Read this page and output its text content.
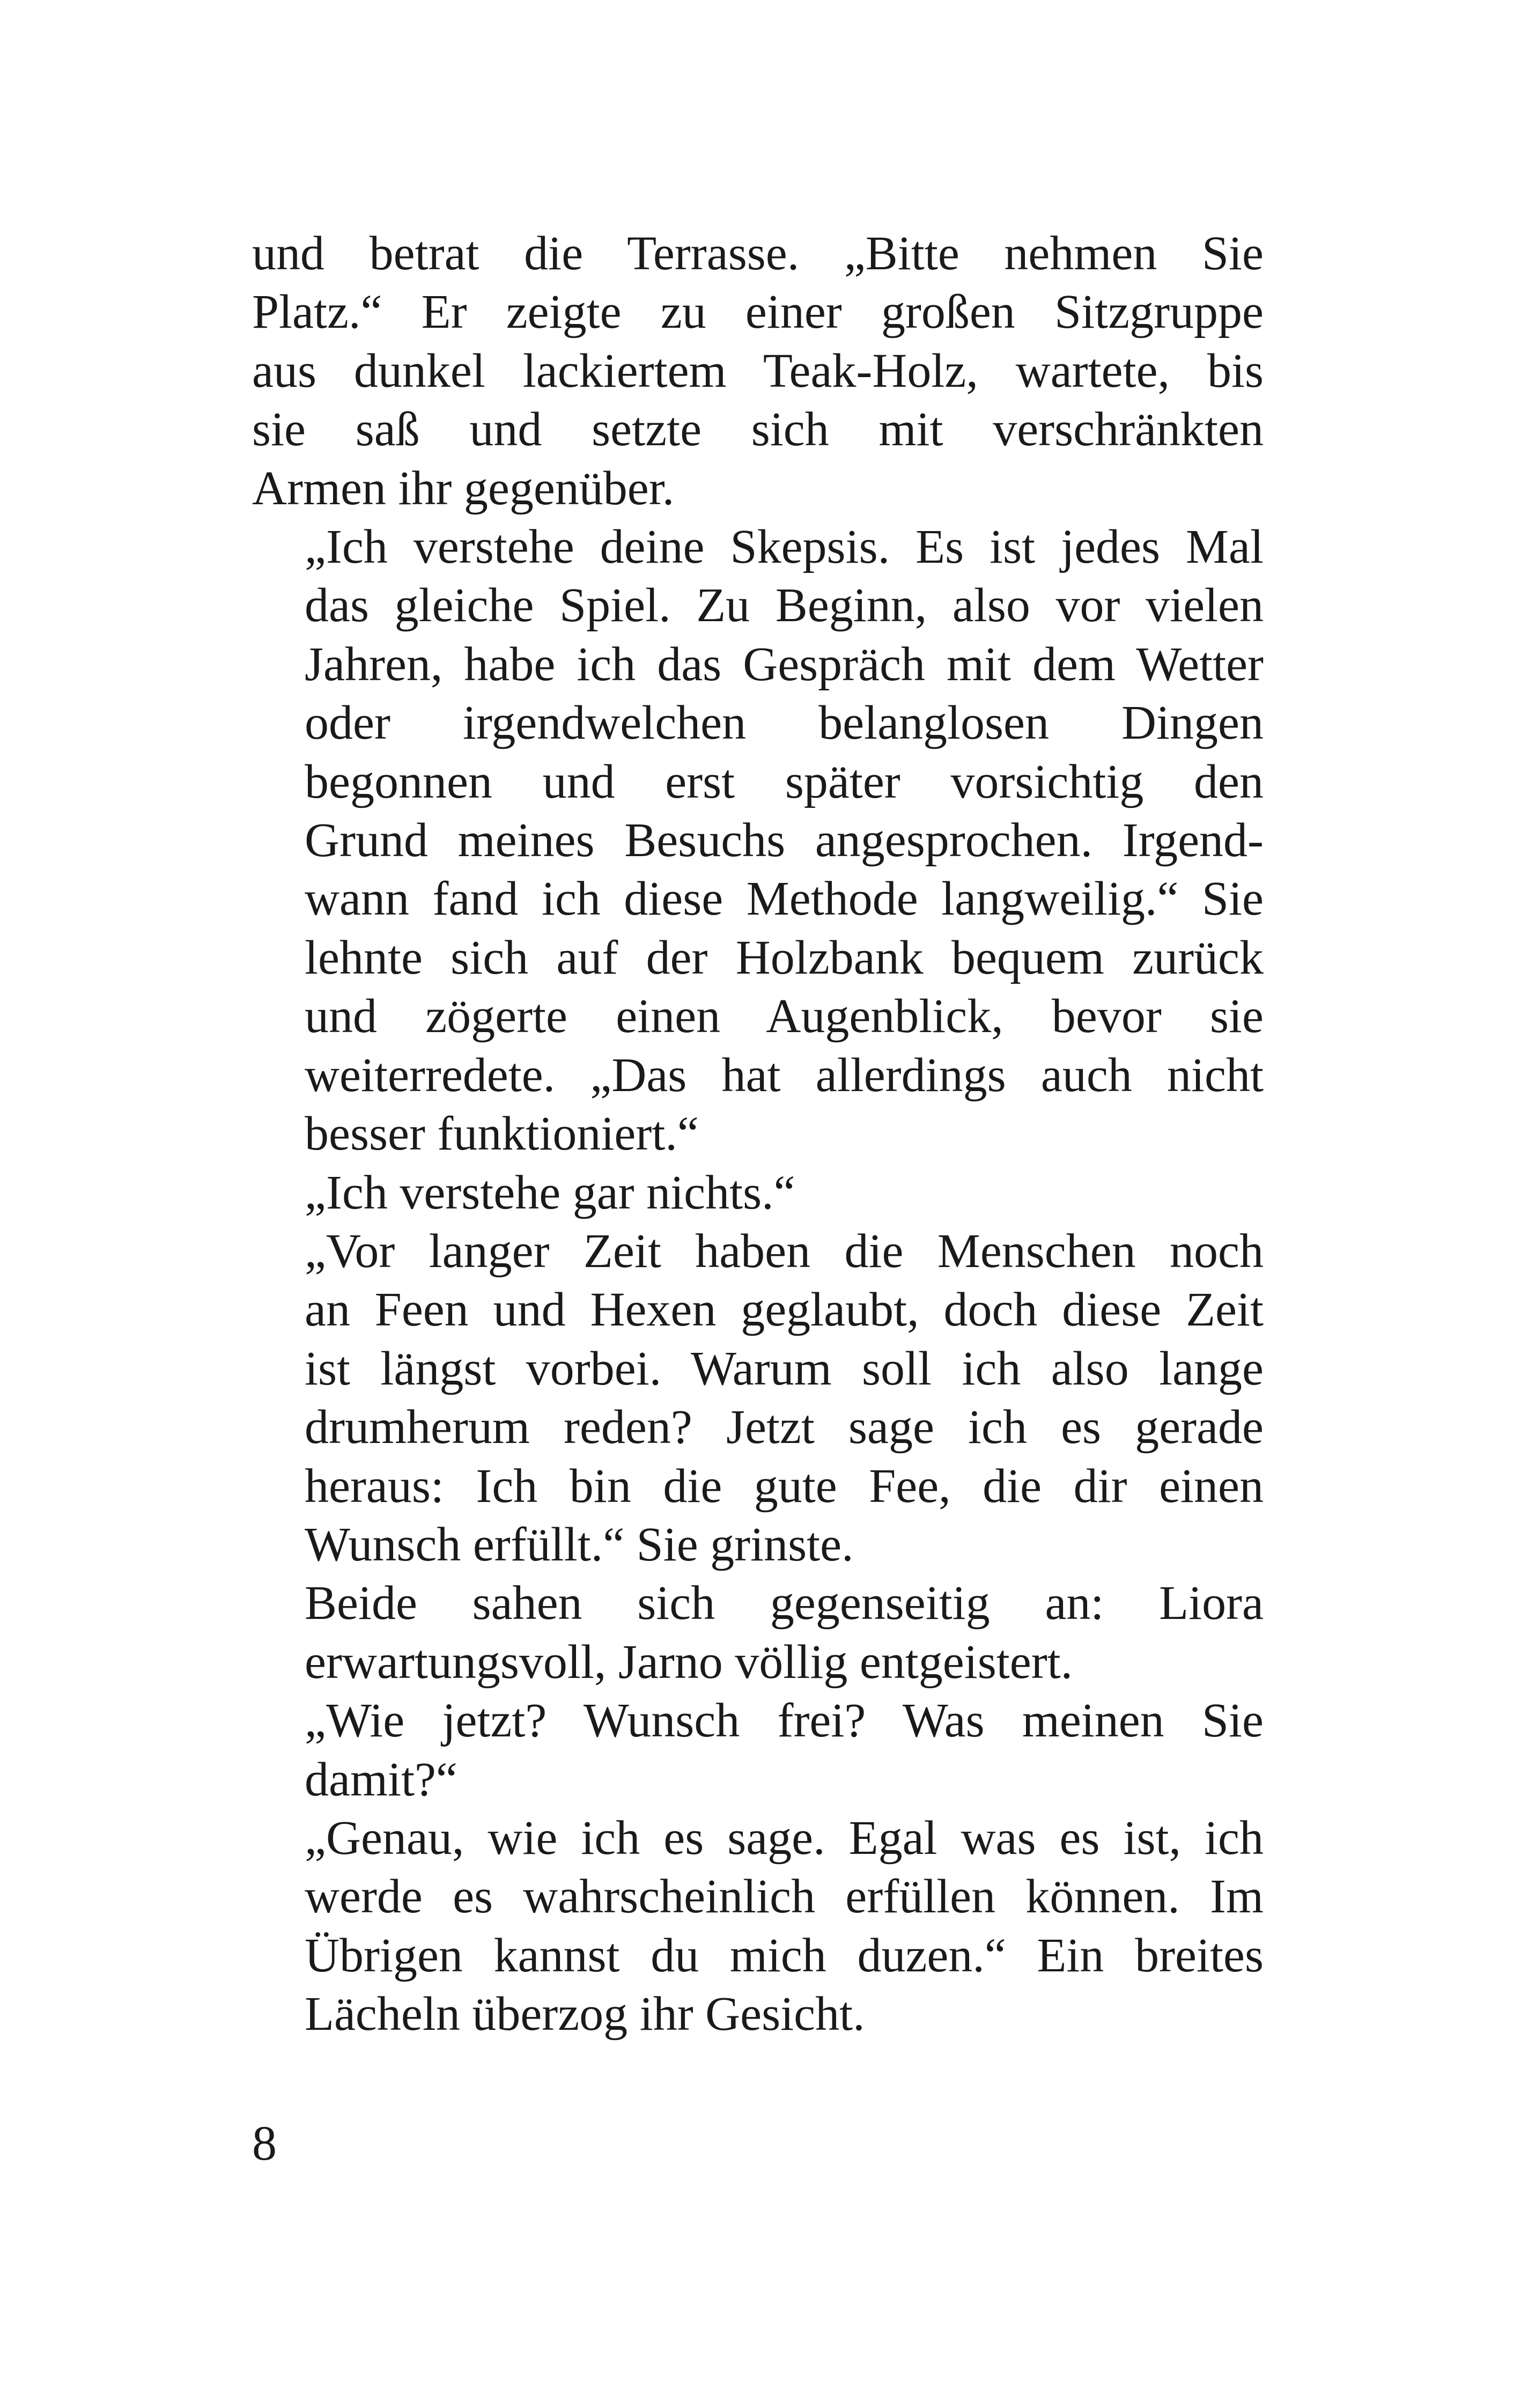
und betrat die Terrasse. „Bitte nehmen Sie
Platz.“ Er zeigte zu einer großen Sitzgruppe
aus dunkel lackiertem Teak-Holz, wartete, bis
sie saß und setzte sich mit verschränkten
Armen ihr gegenüber.

„Ich verstehe deine Skepsis. Es ist jedes Mal
das gleiche Spiel. Zu Beginn, also vor vielen
Jahren, habe ich das Gespräch mit dem Wetter
oder irgendwelchen belanglosen Dingen
begonnen und erst später vorsichtig den
Grund meines Besuchs angesprochen. Irgend-
wann fand ich diese Methode langweilig.“ Sie
lehnte sich auf der Holzbank bequem zurück
und zögerte einen Augenblick, bevor sie
weiterredete. „Das hat allerdings auch nicht
besser funktioniert.“

„Ich verstehe gar nichts.“

„Vor langer Zeit haben die Menschen noch
an Feen und Hexen geglaubt, doch diese Zeit
ist längst vorbei. Warum soll ich also lange
drumherum reden? Jetzt sage ich es gerade
heraus: Ich bin die gute Fee, die dir einen
Wunsch erfüllt.“ Sie grinste.

Beide sahen sich gegenseitig an: Liora
erwartungsvoll, Jarno völlig entgeistert.

„Wie jetzt? Wunsch frei? Was meinen Sie
damit?“

„Genau, wie ich es sage. Egal was es ist, ich
werde es wahrscheinlich erfüllen können. Im
Übrigen kannst du mich duzen.“ Ein breites
Lächeln überzog ihr Gesicht.

8
